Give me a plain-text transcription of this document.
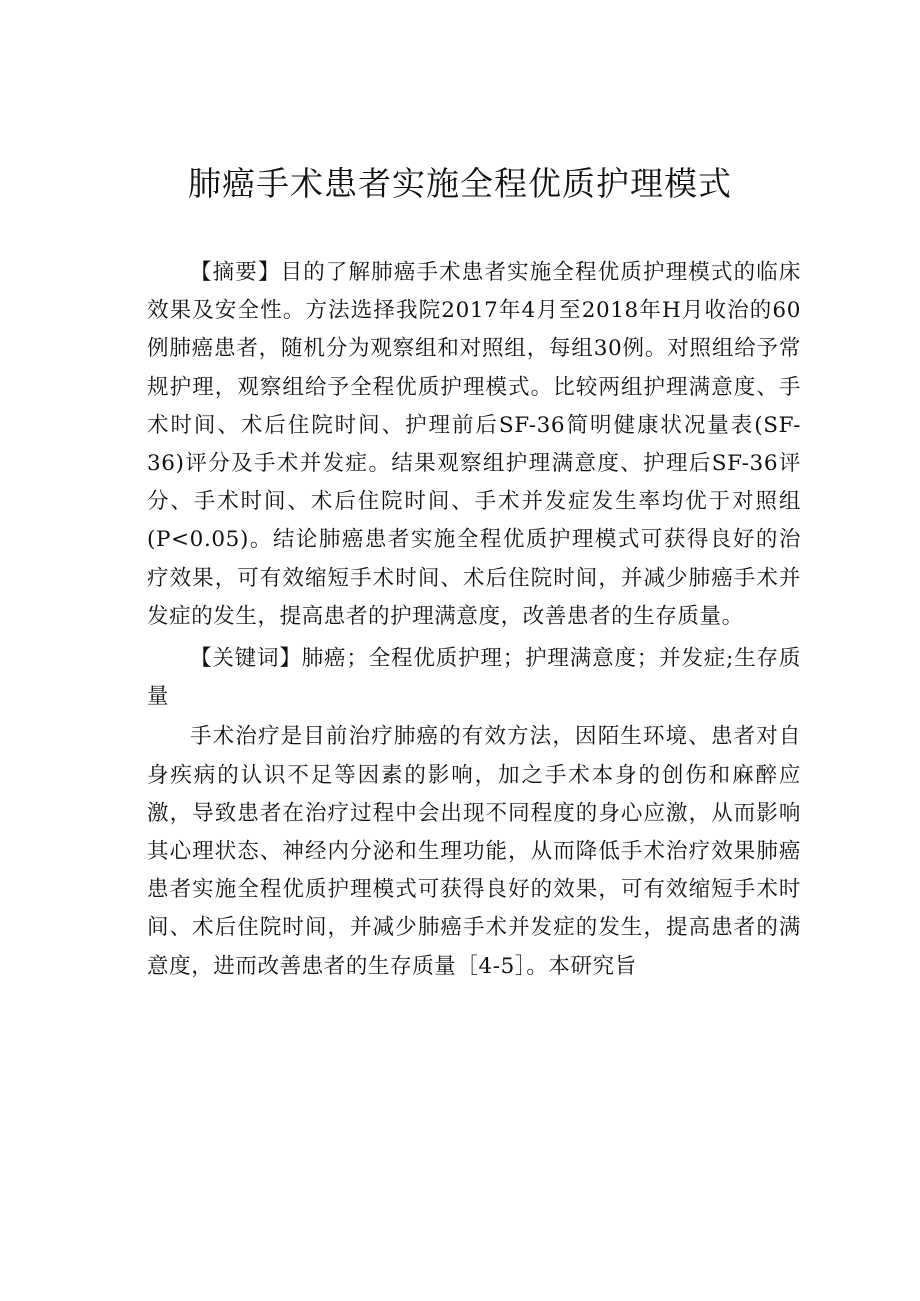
肺癌手术患者实施全程优质护理模式

【摘要】目的了解肺癌手术患者实施全程优质护理模式的临床效果及安全性。方法选择我院2017年4月至2018年H月收治的60例肺癌患者，随机分为观察组和对照组，每组30例。对照组给予常规护理，观察组给予全程优质护理模式。比较两组护理满意度、手术时间、术后住院时间、护理前后SF-36简明健康状况量表(SF-36)评分及手术并发症。结果观察组护理满意度、护理后SF-36评分、手术时间、术后住院时间、手术并发症发生率均优于对照组(P<0.05)。结论肺癌患者实施全程优质护理模式可获得良好的治疗效果，可有效缩短手术时间、术后住院时间，并减少肺癌手术并发症的发生，提高患者的护理满意度，改善患者的生存质量。

【关键词】肺癌；全程优质护理；护理满意度；并发症;生存质量

手术治疗是目前治疗肺癌的有效方法，因陌生环境、患者对自身疾病的认识不足等因素的影响，加之手术本身的创伤和麻醉应激，导致患者在治疗过程中会出现不同程度的身心应激，从而影响其心理状态、神经内分泌和生理功能，从而降低手术治疗效果肺癌患者实施全程优质护理模式可获得良好的效果，可有效缩短手术时间、术后住院时间，并减少肺癌手术并发症的发生，提高患者的满意度，进而改善患者的生存质量［4-5］。本研究旨
